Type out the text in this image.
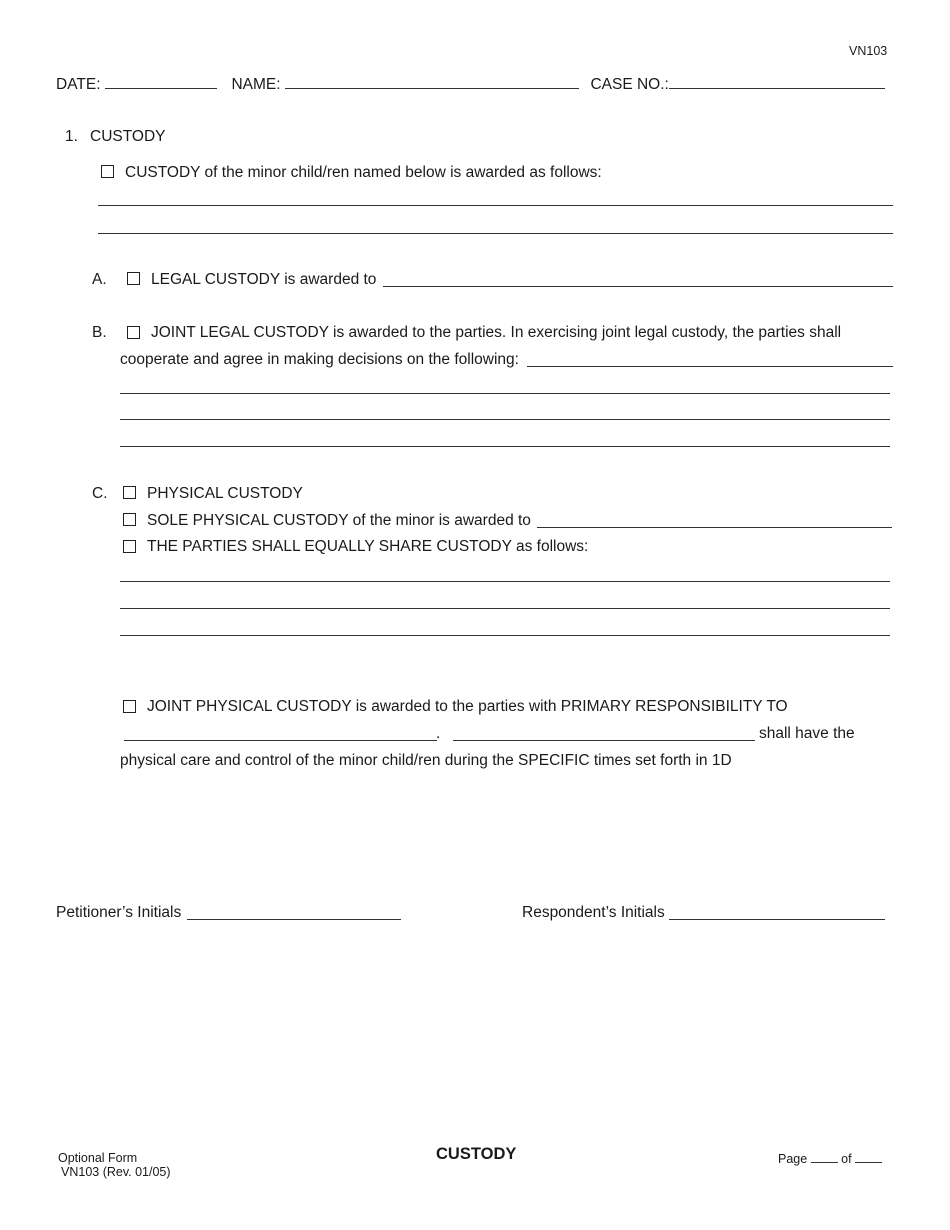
VN103
DATE:	NAME:	CASE NO.:
1. CUSTODY
CUSTODY of the minor child/ren named below is awarded as follows:
A.	LEGAL CUSTODY is awarded to
B.	JOINT LEGAL CUSTODY is awarded to the parties. In exercising joint legal custody, the parties shall
cooperate and agree in making decisions on the following:
C.	PHYSICAL CUSTODY
SOLE PHYSICAL CUSTODY of the minor is awarded to
THE PARTIES SHALL EQUALLY SHARE CUSTODY as follows:
JOINT PHYSICAL CUSTODY is awarded to the parties with PRIMARY RESPONSIBILITY TO
.	shall have the
physical care and control of the minor child/ren during the SPECIFIC times set forth in 1D
Petitioner’s Initials	Respondent’s Initials
Optional Form
VN103 (Rev. 01/05)
CUSTODY	Page	of
